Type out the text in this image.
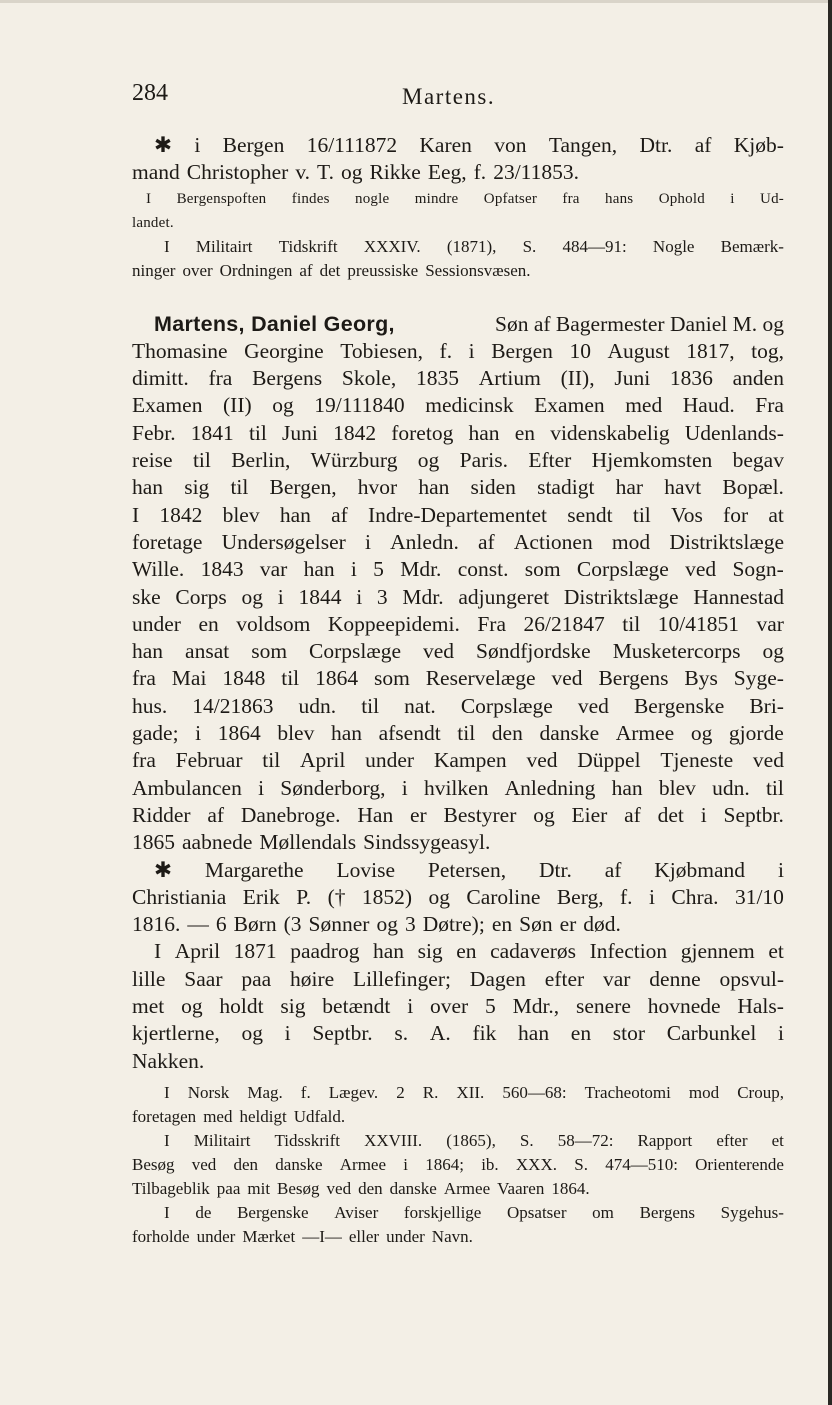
284	Martens.
✱ i Bergen 16/111872 Karen von Tangen, Dtr. af Kjøb-
mand Christopher v. T. og Rikke Eeg, f. 23/11853.
I Bergenspoften findes nogle mindre Opfatser fra hans Ophold i Ud-
landet.
I Militairt Tidskrift XXXIV. (1871), S. 484—91: Nogle Bemærk-
ninger over Ordningen af det preussiske Sessionsvæsen.
Martens, Daniel Georg,	Søn af Bagermester Daniel M. og
Thomasine Georgine Tobiesen, f. i Bergen 10 August 1817, tog,
dimitt. fra Bergens Skole, 1835 Artium (II), Juni 1836 anden
Examen (II) og 19/111840 medicinsk Examen med Haud. Fra
Febr. 1841 til Juni 1842 foretog han en videnskabelig Udenlands-
reise til Berlin, Würzburg og Paris. Efter Hjemkomsten begav
han sig til Bergen, hvor han siden stadigt har havt Bopæl.
I 1842 blev han af Indre-Departementet sendt til Vos for at
foretage Undersøgelser i Anledn. af Actionen mod Distriktslæge
Wille. 1843 var han i 5 Mdr. const. som Corpslæge ved Sogn-
ske Corps og i 1844 i 3 Mdr. adjungeret Distriktslæge Hannestad
under en voldsom Koppeepidemi. Fra 26/21847 til 10/41851 var
han ansat som Corpslæge ved Søndfjordske Musketercorps og
fra Mai 1848 til 1864 som Reservelæge ved Bergens Bys Syge-
hus. 14/21863 udn. til nat. Corpslæge ved Bergenske Bri-
gade; i 1864 blev han afsendt til den danske Armee og gjorde
fra Februar til April under Kampen ved Düppel Tjeneste ved
Ambulancen i Sønderborg, i hvilken Anledning han blev udn. til
Ridder af Danebroge. Han er Bestyrer og Eier af det i Septbr.
1865 aabnede Møllendals Sindssygeasyl.
✱ Margarethe Lovise Petersen, Dtr. af Kjøbmand i
Christiania Erik P. († 1852) og Caroline Berg, f. i Chra. 31/10
1816. — 6 Børn (3 Sønner og 3 Døtre); en Søn er død.
I April 1871 paadrog han sig en cadaverøs Infection gjennem et
lille Saar paa høire Lillefinger; Dagen efter var denne opsvul-
met og holdt sig betændt i over 5 Mdr., senere hovnede Hals-
kjertlerne, og i Septbr. s. A. fik han en stor Carbunkel i
Nakken.
I Norsk Mag. f. Lægev. 2 R. XII. 560—68: Tracheotomi mod Croup,
foretagen med heldigt Udfald.
I Militairt Tidsskrift XXVIII. (1865), S. 58—72: Rapport efter et
Besøg ved den danske Armee i 1864; ib. XXX. S. 474—510: Orienterende
Tilbageblik paa mit Besøg ved den danske Armee Vaaren 1864.
I de Bergenske Aviser forskjellige Opsatser om Bergens Sygehus-
forholde under Mærket —I— eller under Navn.
